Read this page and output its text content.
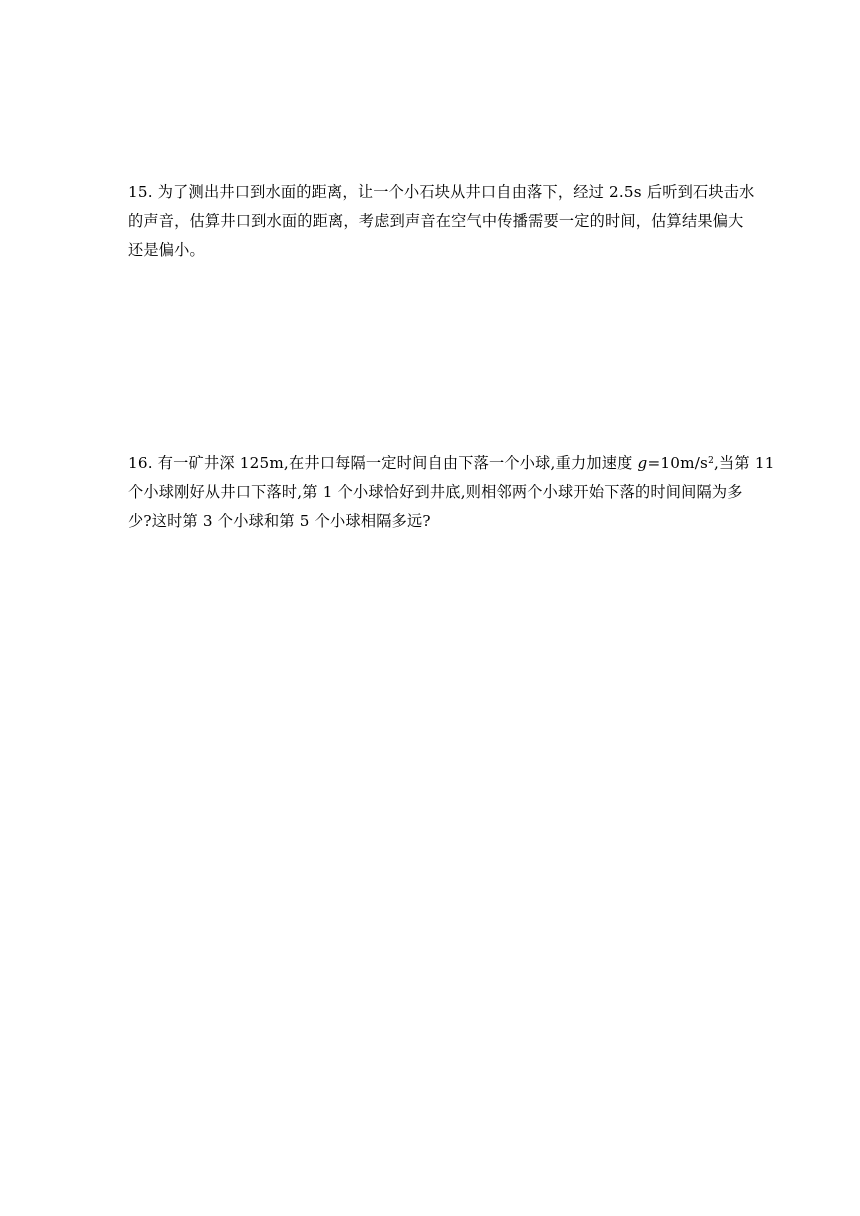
15. 为了测出井口到水面的距离，让一个小石块从井口自由落下，经过 2.5s 后听到石块击水
的声音，估算井口到水面的距离，考虑到声音在空气中传播需要一定的时间，估算结果偏大
还是偏小。
16. 有一矿井深 125m,在井口每隔一定时间自由下落一个小球,重力加速度 $g=10m/s^2$,当第 11
个小球刚好从井口下落时,第 1 个小球恰好到井底,则相邻两个小球开始下落的时间间隔为多
少?这时第 3 个小球和第 5 个小球相隔多远?
